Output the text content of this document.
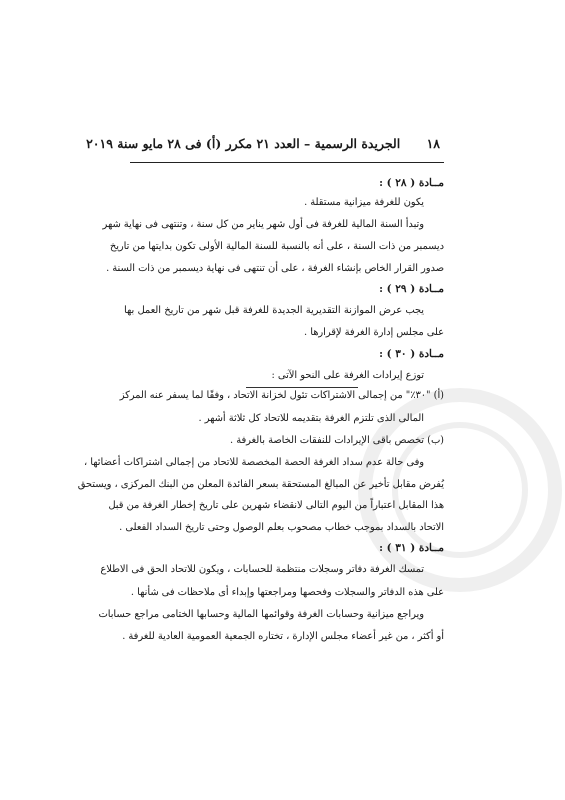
١٨ الجريدة الرسمية – العدد ٢١ مكرر (أ) فى ٢٨ مايو سنة ٢٠١٩
مــادة ( ٢٨ ) :
يكون للغرفة ميزانية مستقلة .
وتبدأ السنة المالية للغرفة فى أول شهر يناير من كل سنة ، وتنتهى فى نهاية شهر
ديسمبر من ذات السنة ، على أنه بالنسبة للسنة المالية الأولى تكون بدايتها من تاريخ
صدور القرار الخاص بإنشاء الغرفة ، على أن تنتهى فى نهاية ديسمبر من ذات السنة .
مــادة ( ٢٩ ) :
يجب عرض الموازنة التقديرية الجديدة للغرفة قبل شهر من تاريخ العمل بها
على مجلس إدارة الغرفة لإقرارها .
مــادة ( ٣٠ ) :
توزع إيرادات الغرفة على النحو الآتى :
(أ) "٣٠٪" من إجمالى الاشتراكات تئول لخزانة الاتحاد ، وفقًا لما يسفر عنه المركز
المالى الذى تلتزم الغرفة بتقديمه للاتحاد كل ثلاثة أشهر .
(ب) تخصص باقى الإيرادات للنفقات الخاصة بالغرفة .
وفى حالة عدم سداد الغرفة الحصة المخصصة للاتحاد من إجمالى اشتراكات أعضائها ،
يُفرض مقابل تأخير عن المبالغ المستحقة بسعر الفائدة المعلن من البنك المركزى ، ويستحق
هذا المقابل اعتباراً من اليوم التالى لانقضاء شهرين على تاريخ إخطار الغرفة من قبل
الاتحاد بالسداد بموجب خطاب مصحوب بعلم الوصول وحتى تاريخ السداد الفعلى .
مــادة ( ٣١ ) :
تمسك الغرفة دفاتر وسجلات منتظمة للحسابات ، ويكون للاتحاد الحق فى الاطلاع
على هذه الدفاتر والسجلات وفحصها ومراجعتها وإبداء أى ملاحظات فى شأنها .
ويراجع ميزانية وحسابات الغرفة وقوائمها المالية وحسابها الختامى مراجع حسابات
أو أكثر ، من غير أعضاء مجلس الإدارة ، تختاره الجمعية العمومية العادية للغرفة .
